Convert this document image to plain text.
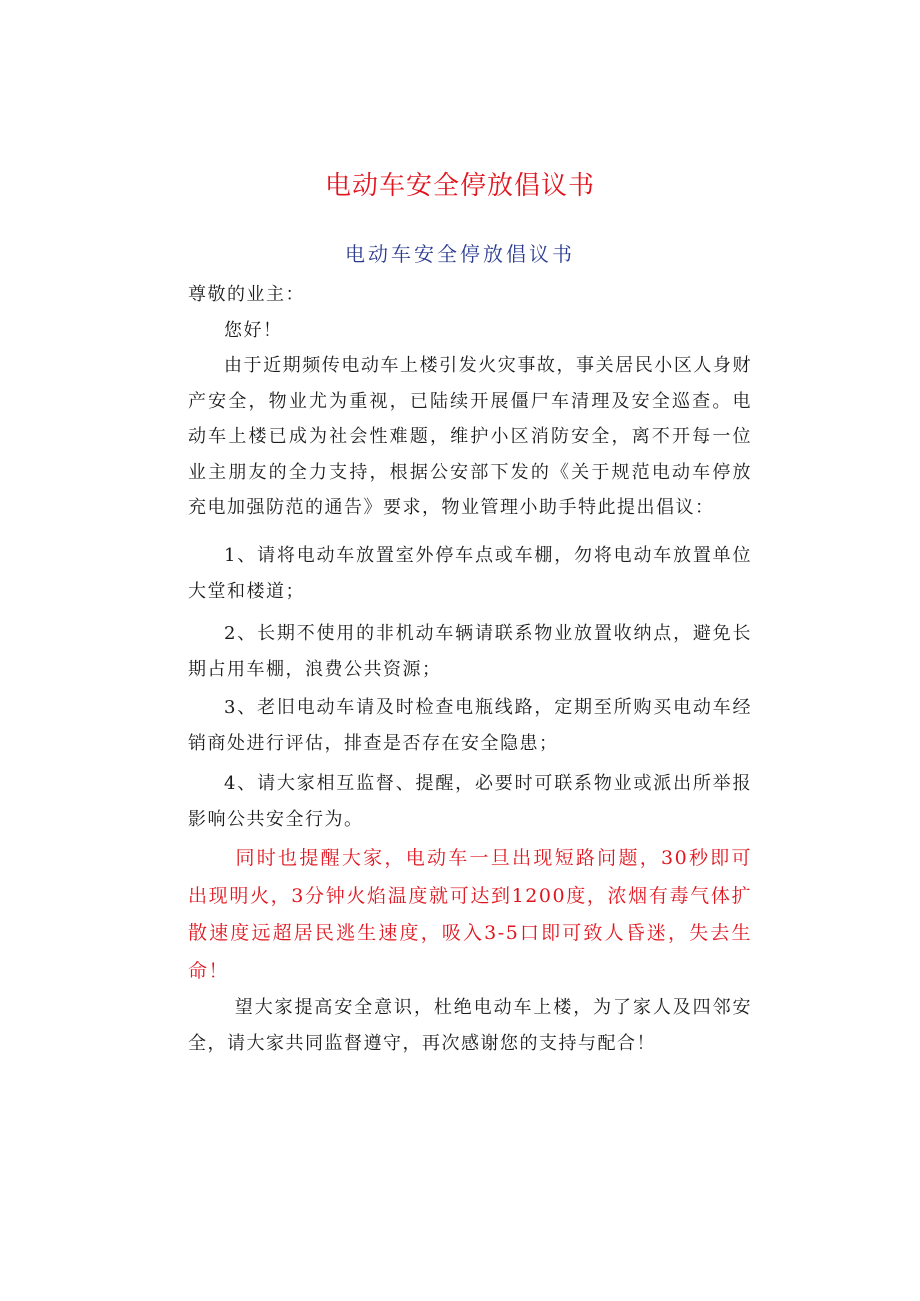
电动车安全停放倡议书
电动车安全停放倡议书

尊敬的业主：

您好！

由于近期频传电动车上楼引发火灾事故，事关居民小区人身财产安全，物业尤为重视，已陆续开展僵尸车清理及安全巡查。电动车上楼已成为社会性难题，维护小区消防安全，离不开每一位业主朋友的全力支持，根据公安部下发的《关于规范电动车停放充电加强防范的通告》要求，物业管理小助手特此提出倡议：

1、请将电动车放置室外停车点或车棚，勿将电动车放置单位大堂和楼道；

2、长期不使用的非机动车辆请联系物业放置收纳点，避免长期占用车棚，浪费公共资源；

3、老旧电动车请及时检查电瓶线路，定期至所购买电动车经销商处进行评估，排查是否存在安全隐患；

4、请大家相互监督、提醒，必要时可联系物业或派出所举报影响公共安全行为。

同时也提醒大家，电动车一旦出现短路问题，30秒即可出现明火，3分钟火焰温度就可达到1200度，浓烟有毒气体扩散速度远超居民逃生速度，吸入3-5口即可致人昏迷，失去生命！

望大家提高安全意识，杜绝电动车上楼，为了家人及四邻安全，请大家共同监督遵守，再次感谢您的支持与配合！
